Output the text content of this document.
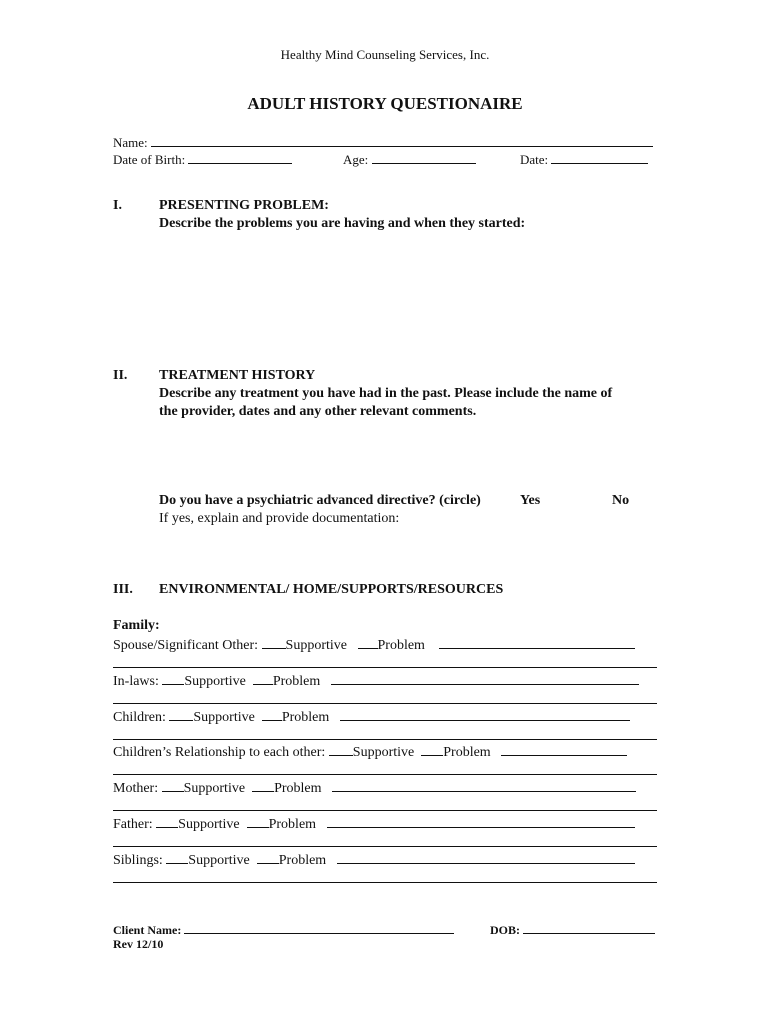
Healthy Mind Counseling Services, Inc.
ADULT HISTORY QUESTIONAIRE
Name:
Date of Birth:	Age:	Date:
I.	PRESENTING PROBLEM:
Describe the problems you are having and when they started:
II. TREATMENT HISTORY
Describe any treatment you have had in the past. Please include the name of
the provider, dates and any other relevant comments.
Do you have a psychiatric advanced directive? (circle)	Yes	No
If yes, explain and provide documentation:
III. ENVIRONMENTAL/ HOME/SUPPORTS/RESOURCES
Family:
Spouse/Significant Other: Supportive Problem
In-laws: Supportive Problem
Children: Supportive Problem
Children’s Relationship to each other: Supportive Problem
Mother: Supportive Problem
Father: Supportive Problem
Siblings: Supportive Problem
Client Name:	DOB:
Rev 12/10
